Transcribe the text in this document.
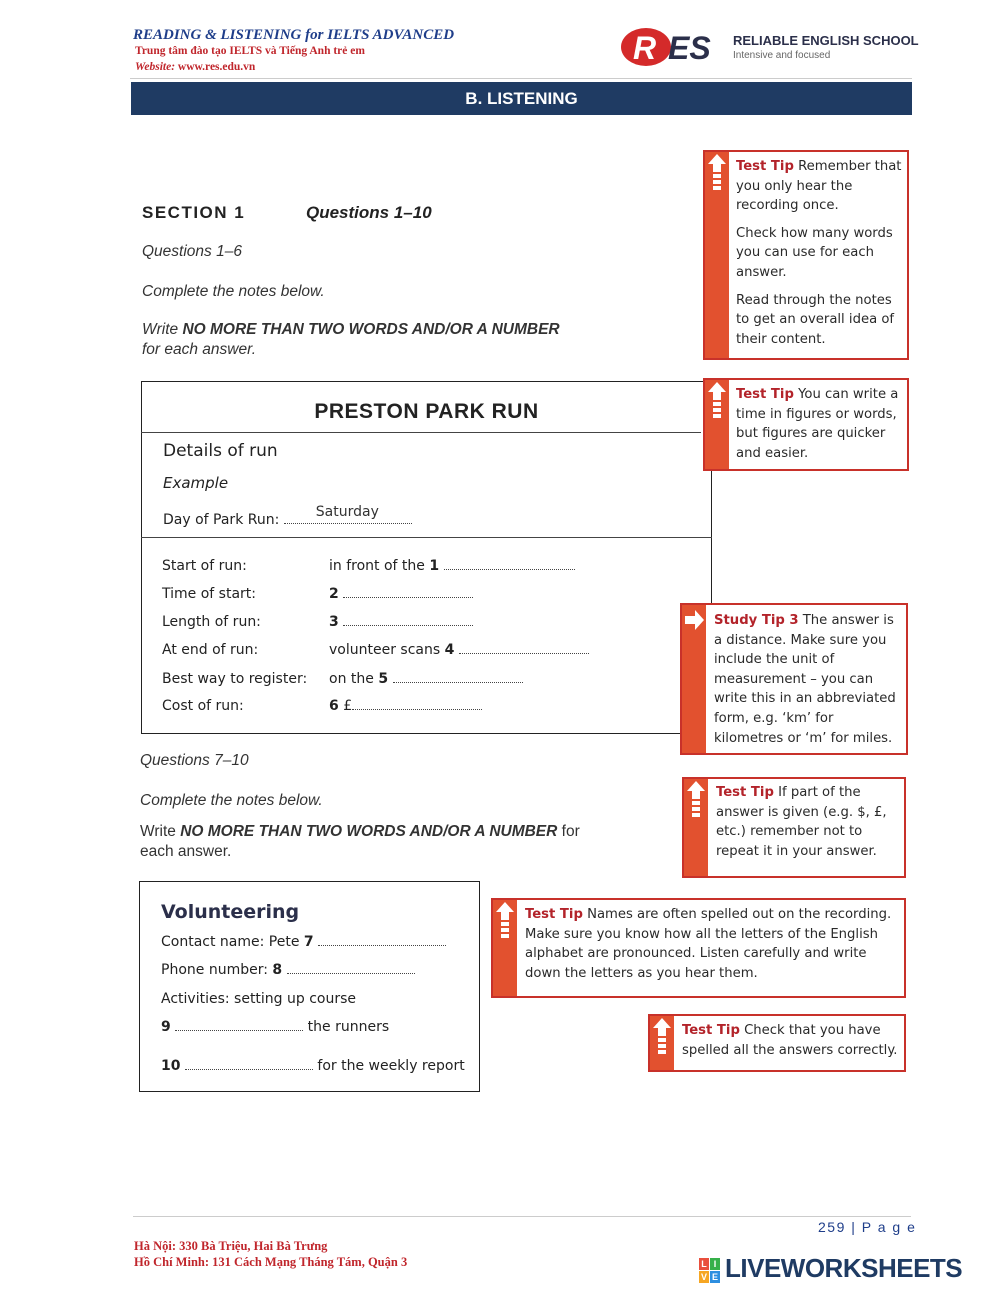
READING & LISTENING for IELTS ADVANCED
Trung tâm đào tạo IELTS và Tiếng Anh trẻ em
Website: www.res.edu.vn
R ES RELIABLE ENGLISH SCHOOL
Intensive and focused
B. LISTENING
SECTION 1	Questions 1–10
Questions 1–6
Complete the notes below.
Write NO MORE THAN TWO WORDS AND/OR A NUMBER
for each answer.
PRESTON PARK RUN
Details of run
Example
Day of Park Run:	Saturday
Start of run:	in front of the 1
Time of start:	2
Length of run:	3
At end of run:	volunteer scans 4
Best way to register: on the 5
Cost of run:	6 £
Questions 7–10
Complete the notes below.
Write NO MORE THAN TWO WORDS AND/OR A NUMBER for
each answer.
Volunteering
Contact name: Pete 7
Phone number: 8
Activities: setting up course
9	the runners
10	for the weekly report

Test Tip Remember that you only hear the recording once.

Check how many words you can use for each answer.

Read through the notes to get an overall idea of their content.

Test Tip You can write a time in figures or words, but figures are quicker and easier.
Study Tip 3 The answer is a distance. Make sure you include the unit of measurement – you can write this in an abbreviated form, e.g. ‘km’ for kilometres or ‘m’ for miles.
Test Tip If part of the answer is given (e.g. $, £, etc.) remember not to repeat it in your answer.
Test Tip Names are often spelled out on the recording. Make sure you know how all the letters of the English alphabet are pronounced. Listen carefully and write down the letters as you hear them.
Test Tip Check that you have spelled all the answers correctly.
259 | P a g e
Hà Nội: 330 Bà Triệu, Hai Bà Trưng
Hồ Chí Minh: 131 Cách Mạng Tháng Tám, Quận 3	L I
V E LIVEWORKSHEETS
